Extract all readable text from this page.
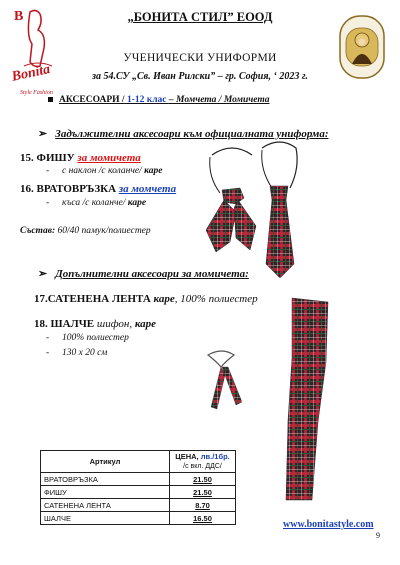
B
Bonita
Style Fashion
„БОНИТА СТИЛ” ЕООД
УЧЕНИЧЕСКИ УНИФОРМИ
за 54.СУ „Св. Иван Рилски” – гр. София, ‘ 2023 г.
АКСЕСОАРИ / 1-12 клас – Момчета / Момичета
➢ Задължителни аксесоари към официалната униформа:
15. ФИШУ за момичета
- с наклон /с коланче/ каре
16. ВРАТОВРЪЗКА за момчета
- къса /с коланче/ каре
Състав: 60/40 памук/полиестер
➢ Допълнителни аксесоари за момичета:
17.САТЕНЕНА ЛЕНТА каре, 100% полиестер
18. ШАЛЧЕ шифон, каре
- 100% полиестер
- 130 х 20 см
Артикул	ЦЕНА, лв./1бр.
/с вкл. ДДС/
ВРАТОВРЪЗКА	21.50
ФИШУ	21.50
САТЕНЕНА ЛЕНТА	8.70
ШАЛЧЕ	16.50
www.bonitastyle.com
9
